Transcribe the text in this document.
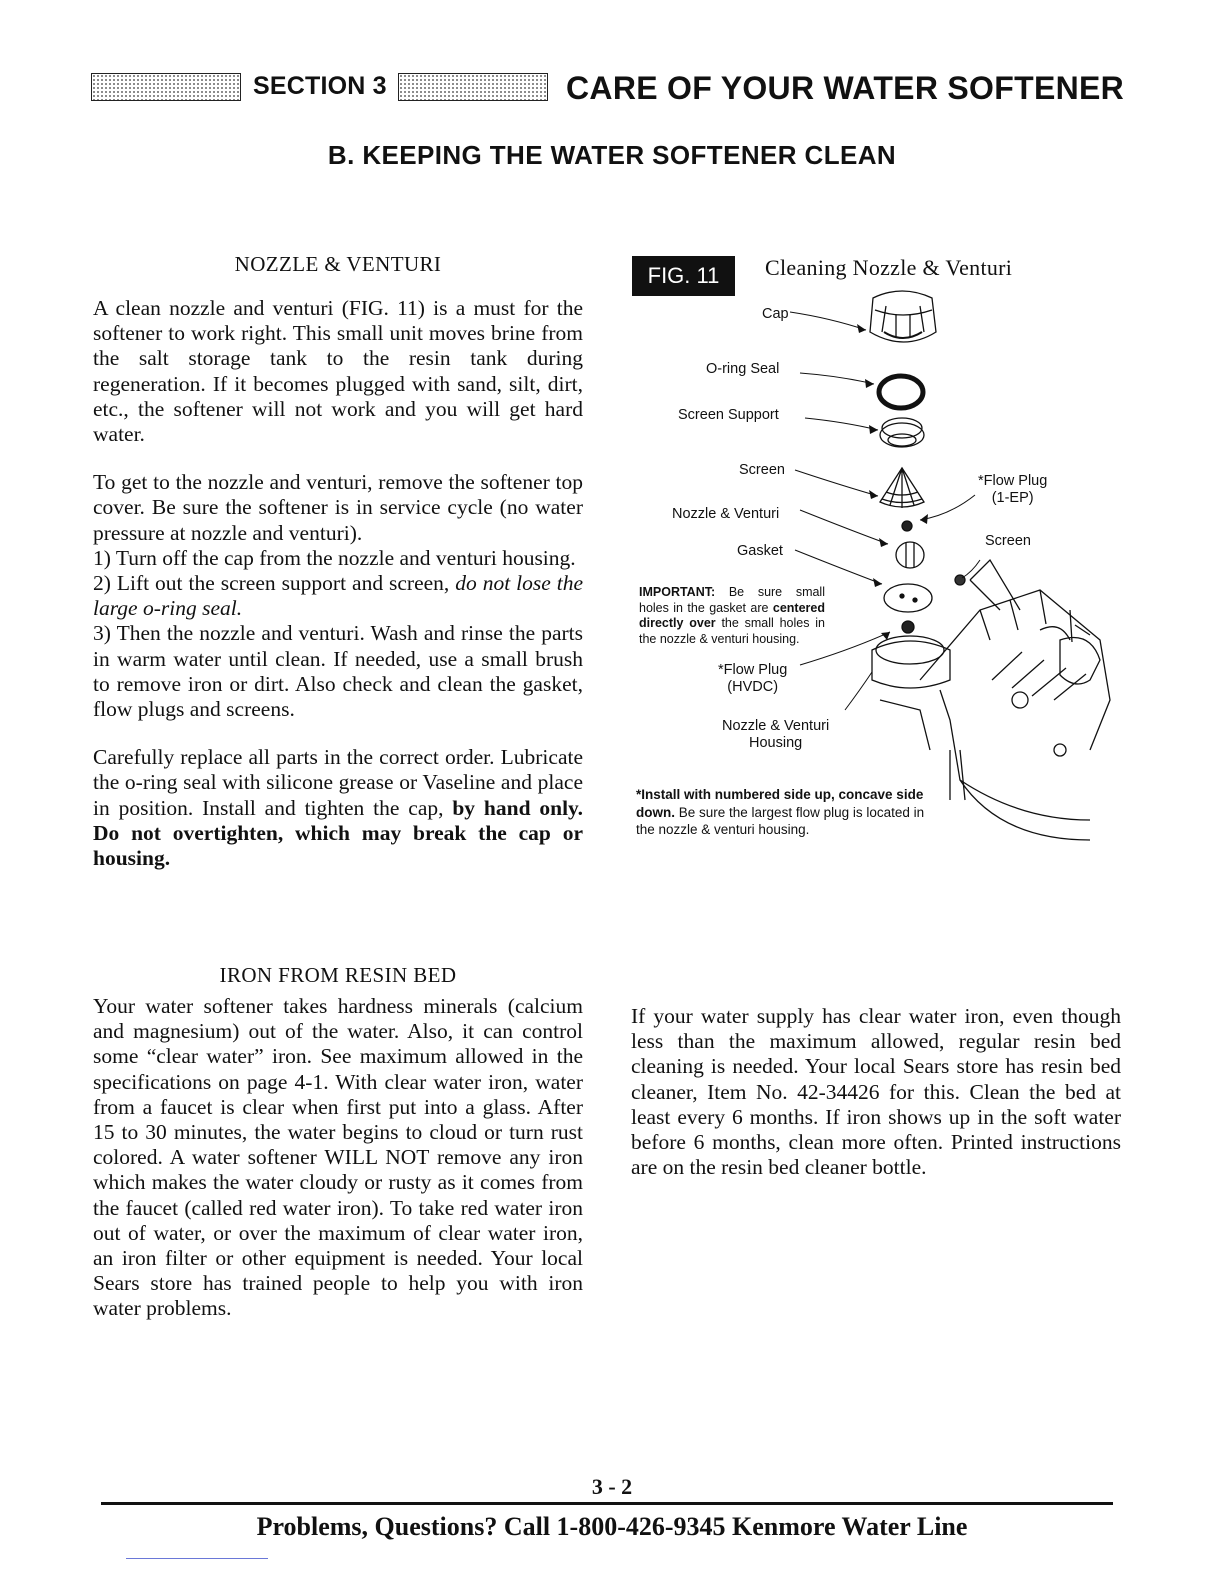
SECTION 3	CARE OF YOUR WATER SOFTENER
B. KEEPING THE WATER SOFTENER CLEAN
NOZZLE & VENTURI

A clean nozzle and venturi (FIG. 11) is a must for the softener to work right. This small unit moves brine from the salt storage tank to the resin tank during regeneration. If it becomes plugged with sand, silt, dirt, etc., the softener will not work and you will get hard water.

To get to the nozzle and venturi, remove the softener top cover. Be sure the softener is in service cycle (no water pressure at nozzle and venturi).

1) Turn off the cap from the nozzle and venturi housing.

2) Lift out the screen support and screen, do not lose the large o-ring seal.

3) Then the nozzle and venturi. Wash and rinse the parts in warm water until clean. If needed, use a small brush to remove iron or dirt. Also check and clean the gasket, flow plugs and screens.

Carefully replace all parts in the correct order. Lubricate the o-ring seal with silicone grease or Vaseline and place in position. Install and tighten the cap, by hand only. Do not overtighten, which may break the cap or housing.

FIG. 11	Cleaning Nozzle & Venturi
Cap
O-ring Seal
Screen Support
Screen
Nozzle & Venturi
Gasket
*Flow Plug
(1-EP)
Screen
*Flow Plug
(HVDC)
Nozzle & Venturi
Housing
IMPORTANT: Be sure small holes in the gasket are centered directly over the small holes in the nozzle & venturi housing.
*Install with numbered side up, concave side down. Be sure the largest flow plug is located in the nozzle & venturi housing.
IRON FROM RESIN BED
Your water softener takes hardness minerals (calcium and magnesium) out of the water. Also, it can control some “clear water” iron. See maximum allowed in the specifications on page 4-1. With clear water iron, water from a faucet is clear when first put into a glass. After 15 to 30 minutes, the water begins to cloud or turn rust colored. A water softener WILL NOT remove any iron which makes the water cloudy or rusty as it comes from the faucet (called red water iron). To take red water iron out of water, or over the maximum of clear water iron, an iron filter or other equipment is needed. Your local Sears store has trained people to help you with iron water problems.
If your water supply has clear water iron, even though less than the maximum allowed, regular resin bed cleaning is needed. Your local Sears store has resin bed cleaner, Item No. 42-34426 for this. Clean the bed at least every 6 months. If iron shows up in the soft water before 6 months, clean more often. Printed instructions are on the resin bed cleaner bottle.
3 - 2
Problems, Questions? Call 1-800-426-9345 Kenmore Water Line
